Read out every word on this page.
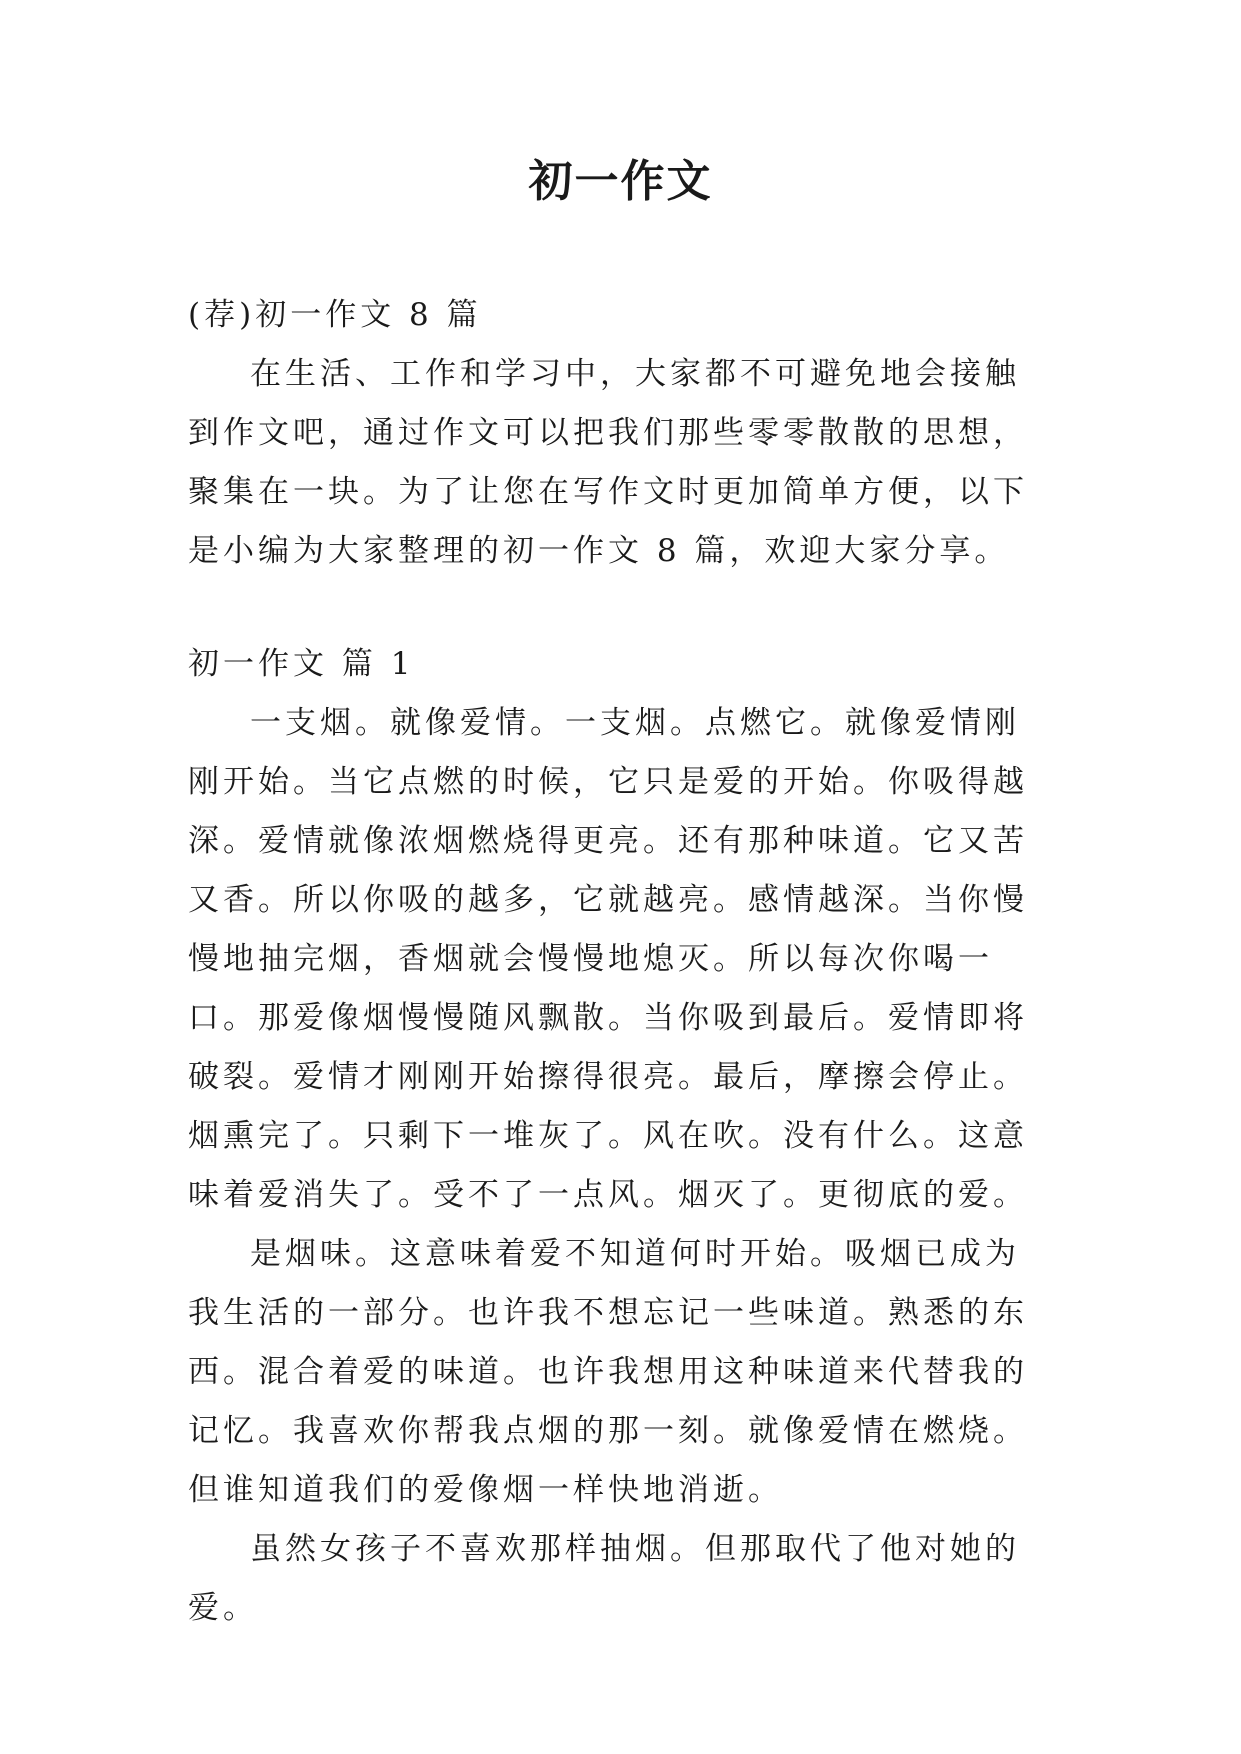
初一作文

(荐)初一作文 8 篇

在生活、工作和学习中，大家都不可避免地会接触到作文吧，通过作文可以把我们那些零零散散的思想，聚集在一块。为了让您在写作文时更加简单方便，以下是小编为大家整理的初一作文 8 篇，欢迎大家分享。

初一作文 篇 1

一支烟。就像爱情。一支烟。点燃它。就像爱情刚刚开始。当它点燃的时候，它只是爱的开始。你吸得越深。爱情就像浓烟燃烧得更亮。还有那种味道。它又苦又香。所以你吸的越多，它就越亮。感情越深。当你慢慢地抽完烟，香烟就会慢慢地熄灭。所以每次你喝一口。那爱像烟慢慢随风飘散。当你吸到最后。爱情即将破裂。爱情才刚刚开始擦得很亮。最后，摩擦会停止。烟熏完了。只剩下一堆灰了。风在吹。没有什么。这意味着爱消失了。受不了一点风。烟灭了。更彻底的爱。

是烟味。这意味着爱不知道何时开始。吸烟已成为我生活的一部分。也许我不想忘记一些味道。熟悉的东西。混合着爱的味道。也许我想用这种味道来代替我的记忆。我喜欢你帮我点烟的那一刻。就像爱情在燃烧。但谁知道我们的爱像烟一样快地消逝。

虽然女孩子不喜欢那样抽烟。但那取代了他对她的爱。
